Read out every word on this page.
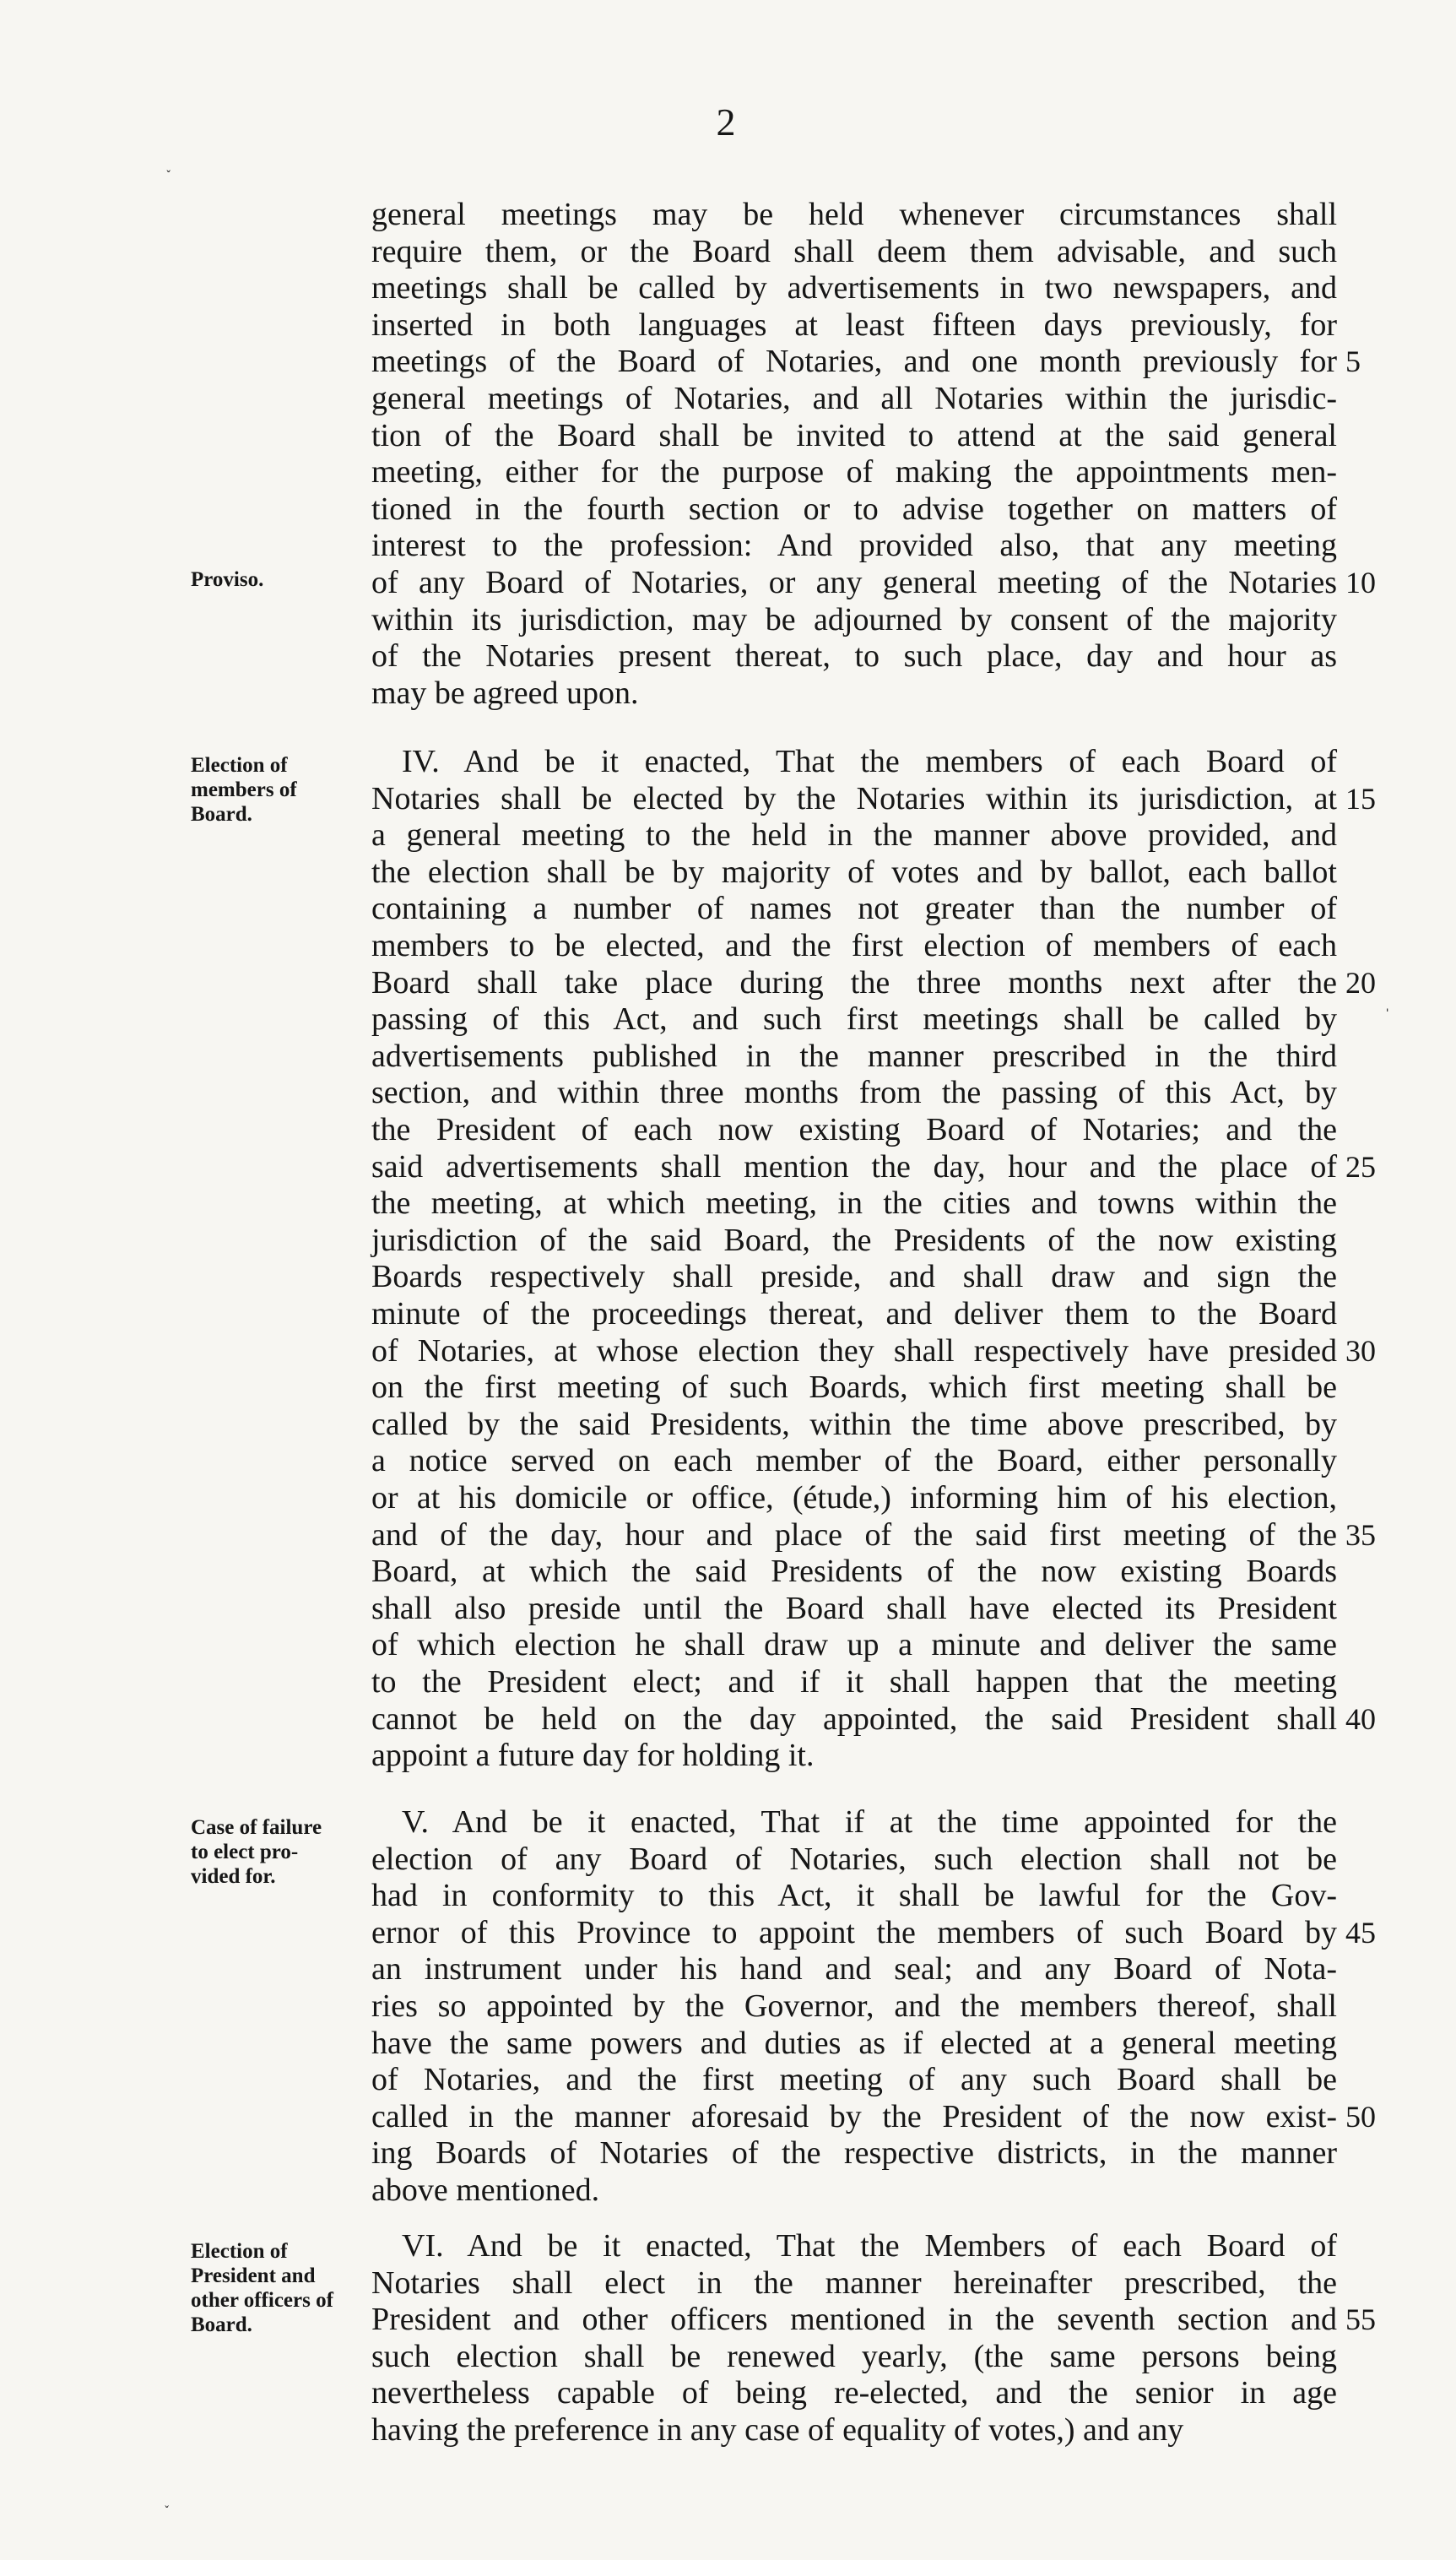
2
˯
ˈ
˯
Proviso.
Election of
members of
Board.
Case of failure
to elect pro-
vided for.
Election of
President and
other officers of
Board.
general meetings may be held whenever circumstances shall
require them, or the Board shall deem them advisable, and such
meetings shall be called by advertisements in two newspapers, and
inserted in both languages at least fifteen days previously, for
meetings of the Board of Notaries, and one month previously for 5
general meetings of Notaries, and all Notaries within the jurisdic-
tion of the Board shall be invited to attend at the said general
meeting, either for the purpose of making the appointments men-
tioned in the fourth section or to advise together on matters of
interest to the profession: And provided also, that any meeting
of any Board of Notaries, or any general meeting of the Notaries 10
within its jurisdiction, may be adjourned by consent of the majority
of the Notaries present thereat, to such place, day and hour as
may be agreed upon.
IV. And be it enacted, That the members of each Board of
Notaries shall be elected by the Notaries within its jurisdiction, at 15
a general meeting to the held in the manner above provided, and
the election shall be by majority of votes and by ballot, each ballot
containing a number of names not greater than the number of
members to be elected, and the first election of members of each
Board shall take place during the three months next after the 20
passing of this Act, and such first meetings shall be called by
advertisements published in the manner prescribed in the third
section, and within three months from the passing of this Act, by
the President of each now existing Board of Notaries; and the
said advertisements shall mention the day, hour and the place of 25
the meeting, at which meeting, in the cities and towns within the
jurisdiction of the said Board, the Presidents of the now existing
Boards respectively shall preside, and shall draw and sign the
minute of the proceedings thereat, and deliver them to the Board
of Notaries, at whose election they shall respectively have presided 30
on the first meeting of such Boards, which first meeting shall be
called by the said Presidents, within the time above prescribed, by
a notice served on each member of the Board, either personally
or at his domicile or office, (étude,) informing him of his election,
and of the day, hour and place of the said first meeting of the 35
Board, at which the said Presidents of the now existing Boards
shall also preside until the Board shall have elected its President
of which election he shall draw up a minute and deliver the same
to the President elect; and if it shall happen that the meeting
cannot be held on the day appointed, the said President shall 40
appoint a future day for holding it.
V. And be it enacted, That if at the time appointed for the
election of any Board of Notaries, such election shall not be
had in conformity to this Act, it shall be lawful for the Gov-
ernor of this Province to appoint the members of such Board by 45
an instrument under his hand and seal; and any Board of Nota-
ries so appointed by the Governor, and the members thereof, shall
have the same powers and duties as if elected at a general meeting
of Notaries, and the first meeting of any such Board shall be
called in the manner aforesaid by the President of the now exist- 50
ing Boards of Notaries of the respective districts, in the manner
above mentioned.
VI. And be it enacted, That the Members of each Board of
Notaries shall elect in the manner hereinafter prescribed, the
President and other officers mentioned in the seventh section and 55
such election shall be renewed yearly, (the same persons being
nevertheless capable of being re-elected, and the senior in age
having the preference in any case of equality of votes,) and any
